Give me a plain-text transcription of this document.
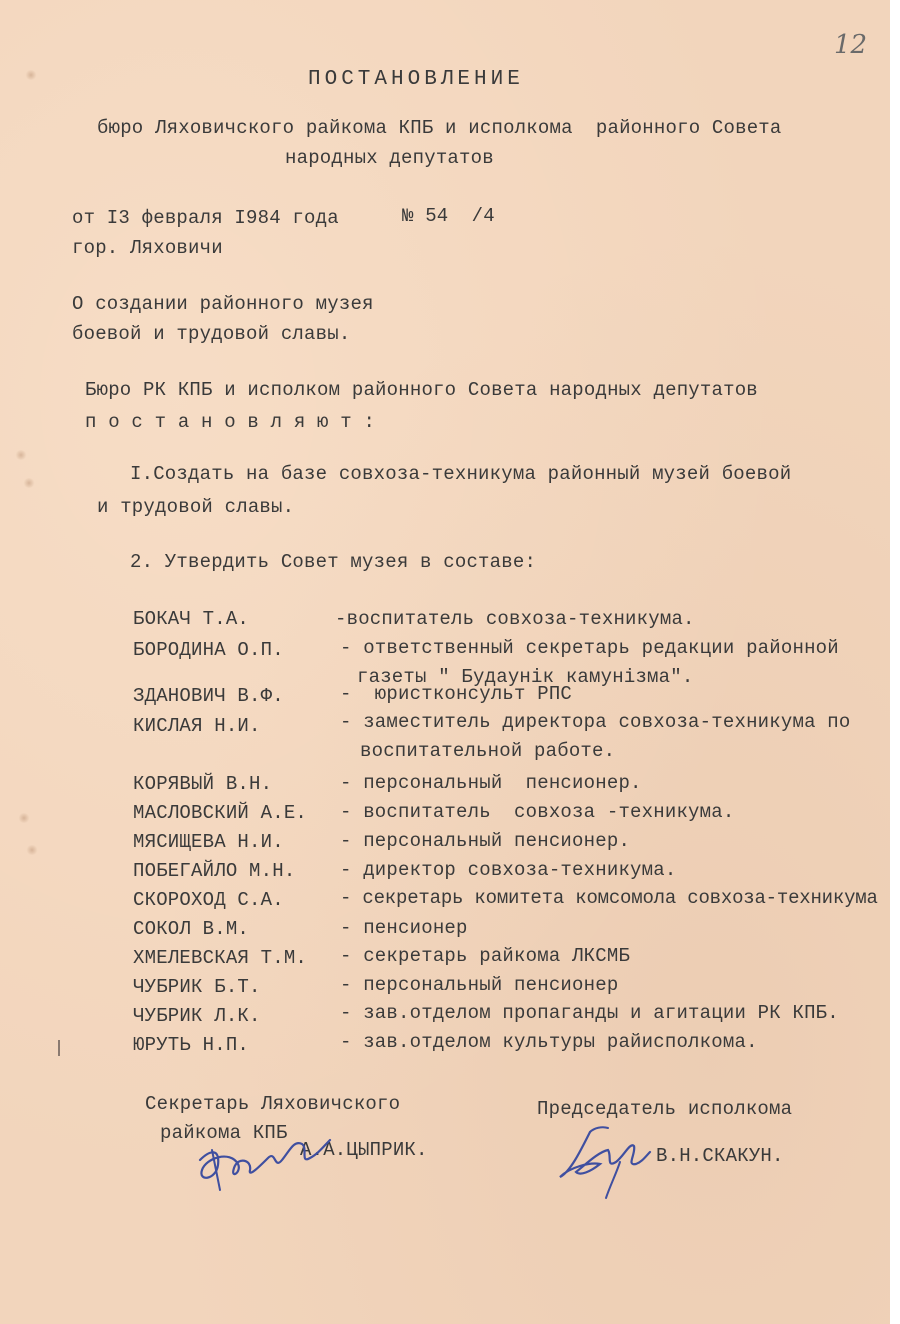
12
ПОСТАНОВЛЕНИЕ
бюро Ляховичского райкома КПБ и исполкома  районного Совета
народных депутатов
от I3 февраля I984 года	№ 54  /4
гор. Ляховичи
О создании районного музея
боевой и трудовой славы.
Бюро РК КПБ и исполком районного Совета народных депутатов
п о с т а н о в л я ю т :
I.Создать на базе совхоза-техникума районный музей боевой
и трудовой славы.
2. Утвердить Совет музея в составе:
БОКАЧ Т.А.	-воспитатель совхоза-техникума.
БОРОДИНА О.П.	- ответственный секретарь редакции районной
газеты " Будаунік камунізма".
ЗДАНОВИЧ В.Ф.	-  юристконсульт РПС
КИСЛАЯ Н.И.	- заместитель директора совхоза-техникума по
воспитательной работе.
КОРЯВЫЙ В.Н.	- персональный  пенсионер.
МАСЛОВСКИЙ А.Е. - воспитатель  совхоза -техникума.
МЯСИЩЕВА Н.И.	- персональный пенсионер.
ПОБЕГАЙЛО М.Н. - директор совхоза-техникума.
СКОРОХОД С.А.	- секретарь комитета комсомола совхоза-техникума
СОКОЛ В.М.	- пенсионер
ХМЕЛЕВСКАЯ Т.М. - секретарь райкома ЛКСМБ
ЧУБРИК Б.Т.	- персональный пенсионер
ЧУБРИК Л.К.	- зав.отделом пропаганды и агитации РК КПБ.
ЮРУТЬ Н.П.	- зав.отделом культуры райисполкома.
Секретарь Ляховичского
райкома КПБ
А.А.ЦЫПРИК.
Председатель исполкома
В.Н.СКАКУН.
